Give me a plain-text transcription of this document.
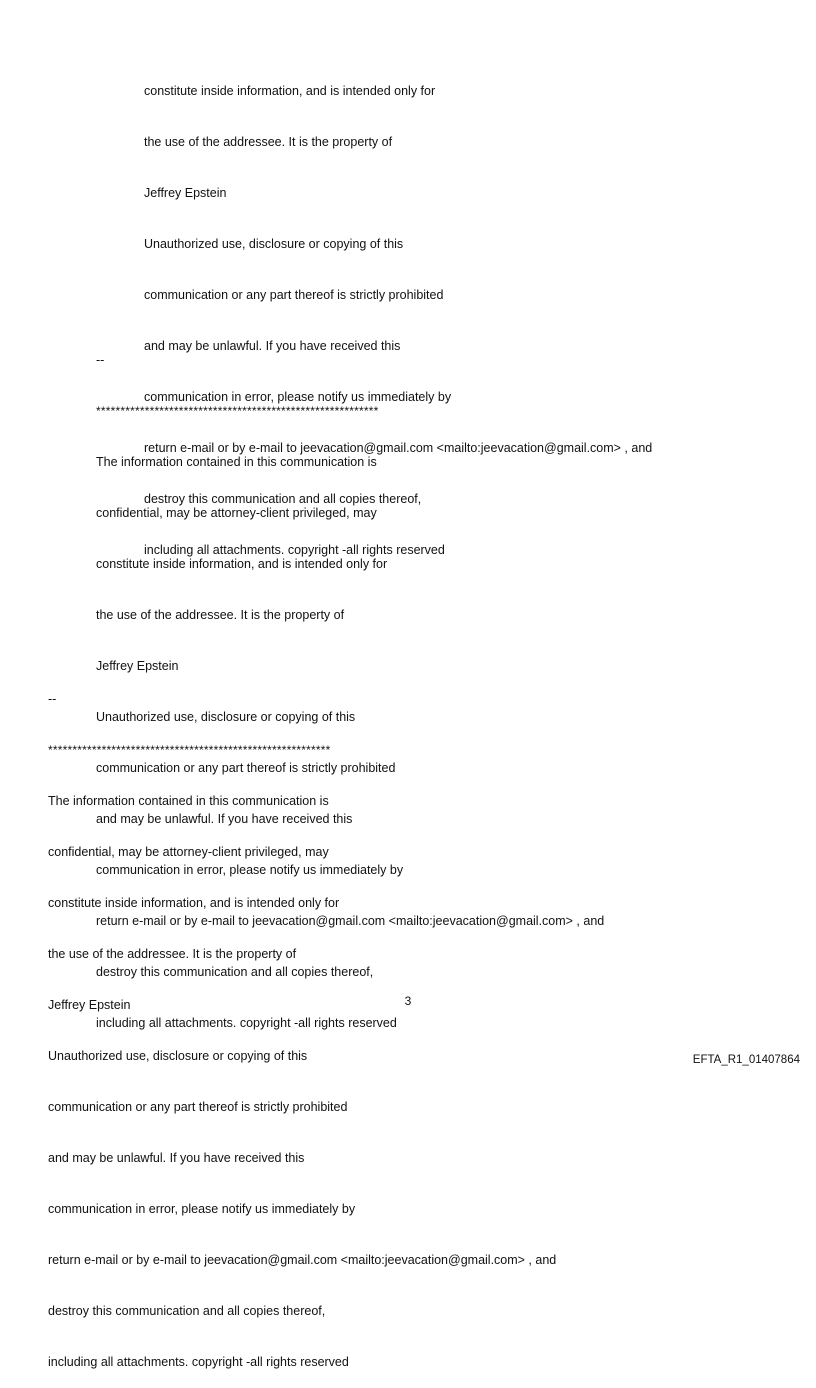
constitute inside information, and is intended only for

the use of the addressee. It is the property of

Jeffrey Epstein

Unauthorized use, disclosure or copying of this

communication or any part thereof is strictly prohibited

and may be unlawful. If you have received this

communication in error, please notify us immediately by

return e-mail or by e-mail to jeevacation@gmail.com <mailto:jeevacation@gmail.com> , and

destroy this communication and all copies thereof,

including all attachments. copyright -all rights reserved

--

**********************************************************

The information contained in this communication is

confidential, may be attorney-client privileged, may

constitute inside information, and is intended only for

the use of the addressee. It is the property of

Jeffrey Epstein

Unauthorized use, disclosure or copying of this

communication or any part thereof is strictly prohibited

and may be unlawful. If you have received this

communication in error, please notify us immediately by

return e-mail or by e-mail to jeevacation@gmail.com <mailto:jeevacation@gmail.com> , and

destroy this communication and all copies thereof,

including all attachments. copyright -all rights reserved

--

**********************************************************

The information contained in this communication is

confidential, may be attorney-client privileged, may

constitute inside information, and is intended only for

the use of the addressee. It is the property of

Jeffrey Epstein

Unauthorized use, disclosure or copying of this

communication or any part thereof is strictly prohibited

and may be unlawful. If you have received this

communication in error, please notify us immediately by

return e-mail or by e-mail to jeevacation@gmail.com <mailto:jeevacation@gmail.com> , and

destroy this communication and all copies thereof,

including all attachments. copyright -all rights reserved

3
EFTA_R1_01407864
